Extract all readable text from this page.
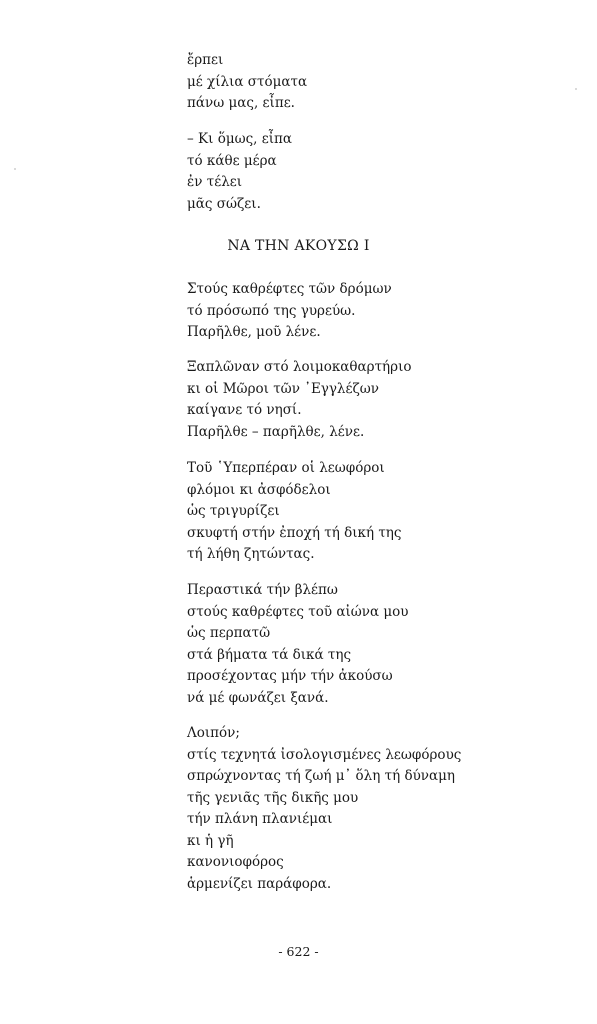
ἔρπει
μέ χίλια στόματα
πάνω μας, εἶπε.
– Κι ὅμως, εἶπα
τό κάθε μέρα
ἐν τέλει
μᾶς σώζει.
ΝΑ ΤΗΝ ΑΚΟΥΣΩ Ι
Στούς καθρέφτες τῶν δρόμων
τό πρόσωπό της γυρεύω.
Παρῆλθε, μοῦ λένε.
Ξαπλῶναν στό λοιμοκαθαρτήριο
κι οἱ Μῶροι τῶν ᾽Εγγλέζων
καίγανε τό νησί.
Παρῆλθε – παρῆλθε, λένε.
Τοῦ ῾Υπερπέραν οἱ λεωφόροι
φλόμοι κι ἀσφόδελοι
ὡς τριγυρίζει
σκυφτή στήν ἐποχή τή δική της
τή λήθη ζητώντας.
Περαστικά τήν βλέπω
στούς καθρέφτες τοῦ αἰώνα μου
ὡς περπατῶ
στά βήματα τά δικά της
προσέχοντας μήν τήν ἀκούσω
νά μέ φωνάζει ξανά.
Λοιπόν;
στίς τεχνητά ἰσολογισμένες λεωφόρους
σπρώχνοντας τή ζωή μ᾽ ὅλη τή δύναμη
τῆς γενιᾶς τῆς δικῆς μου
τήν πλάνη πλανιέμαι
κι ἡ γῆ
κανονιοφόρος
ἁρμενίζει παράφορα.
- 622 -
